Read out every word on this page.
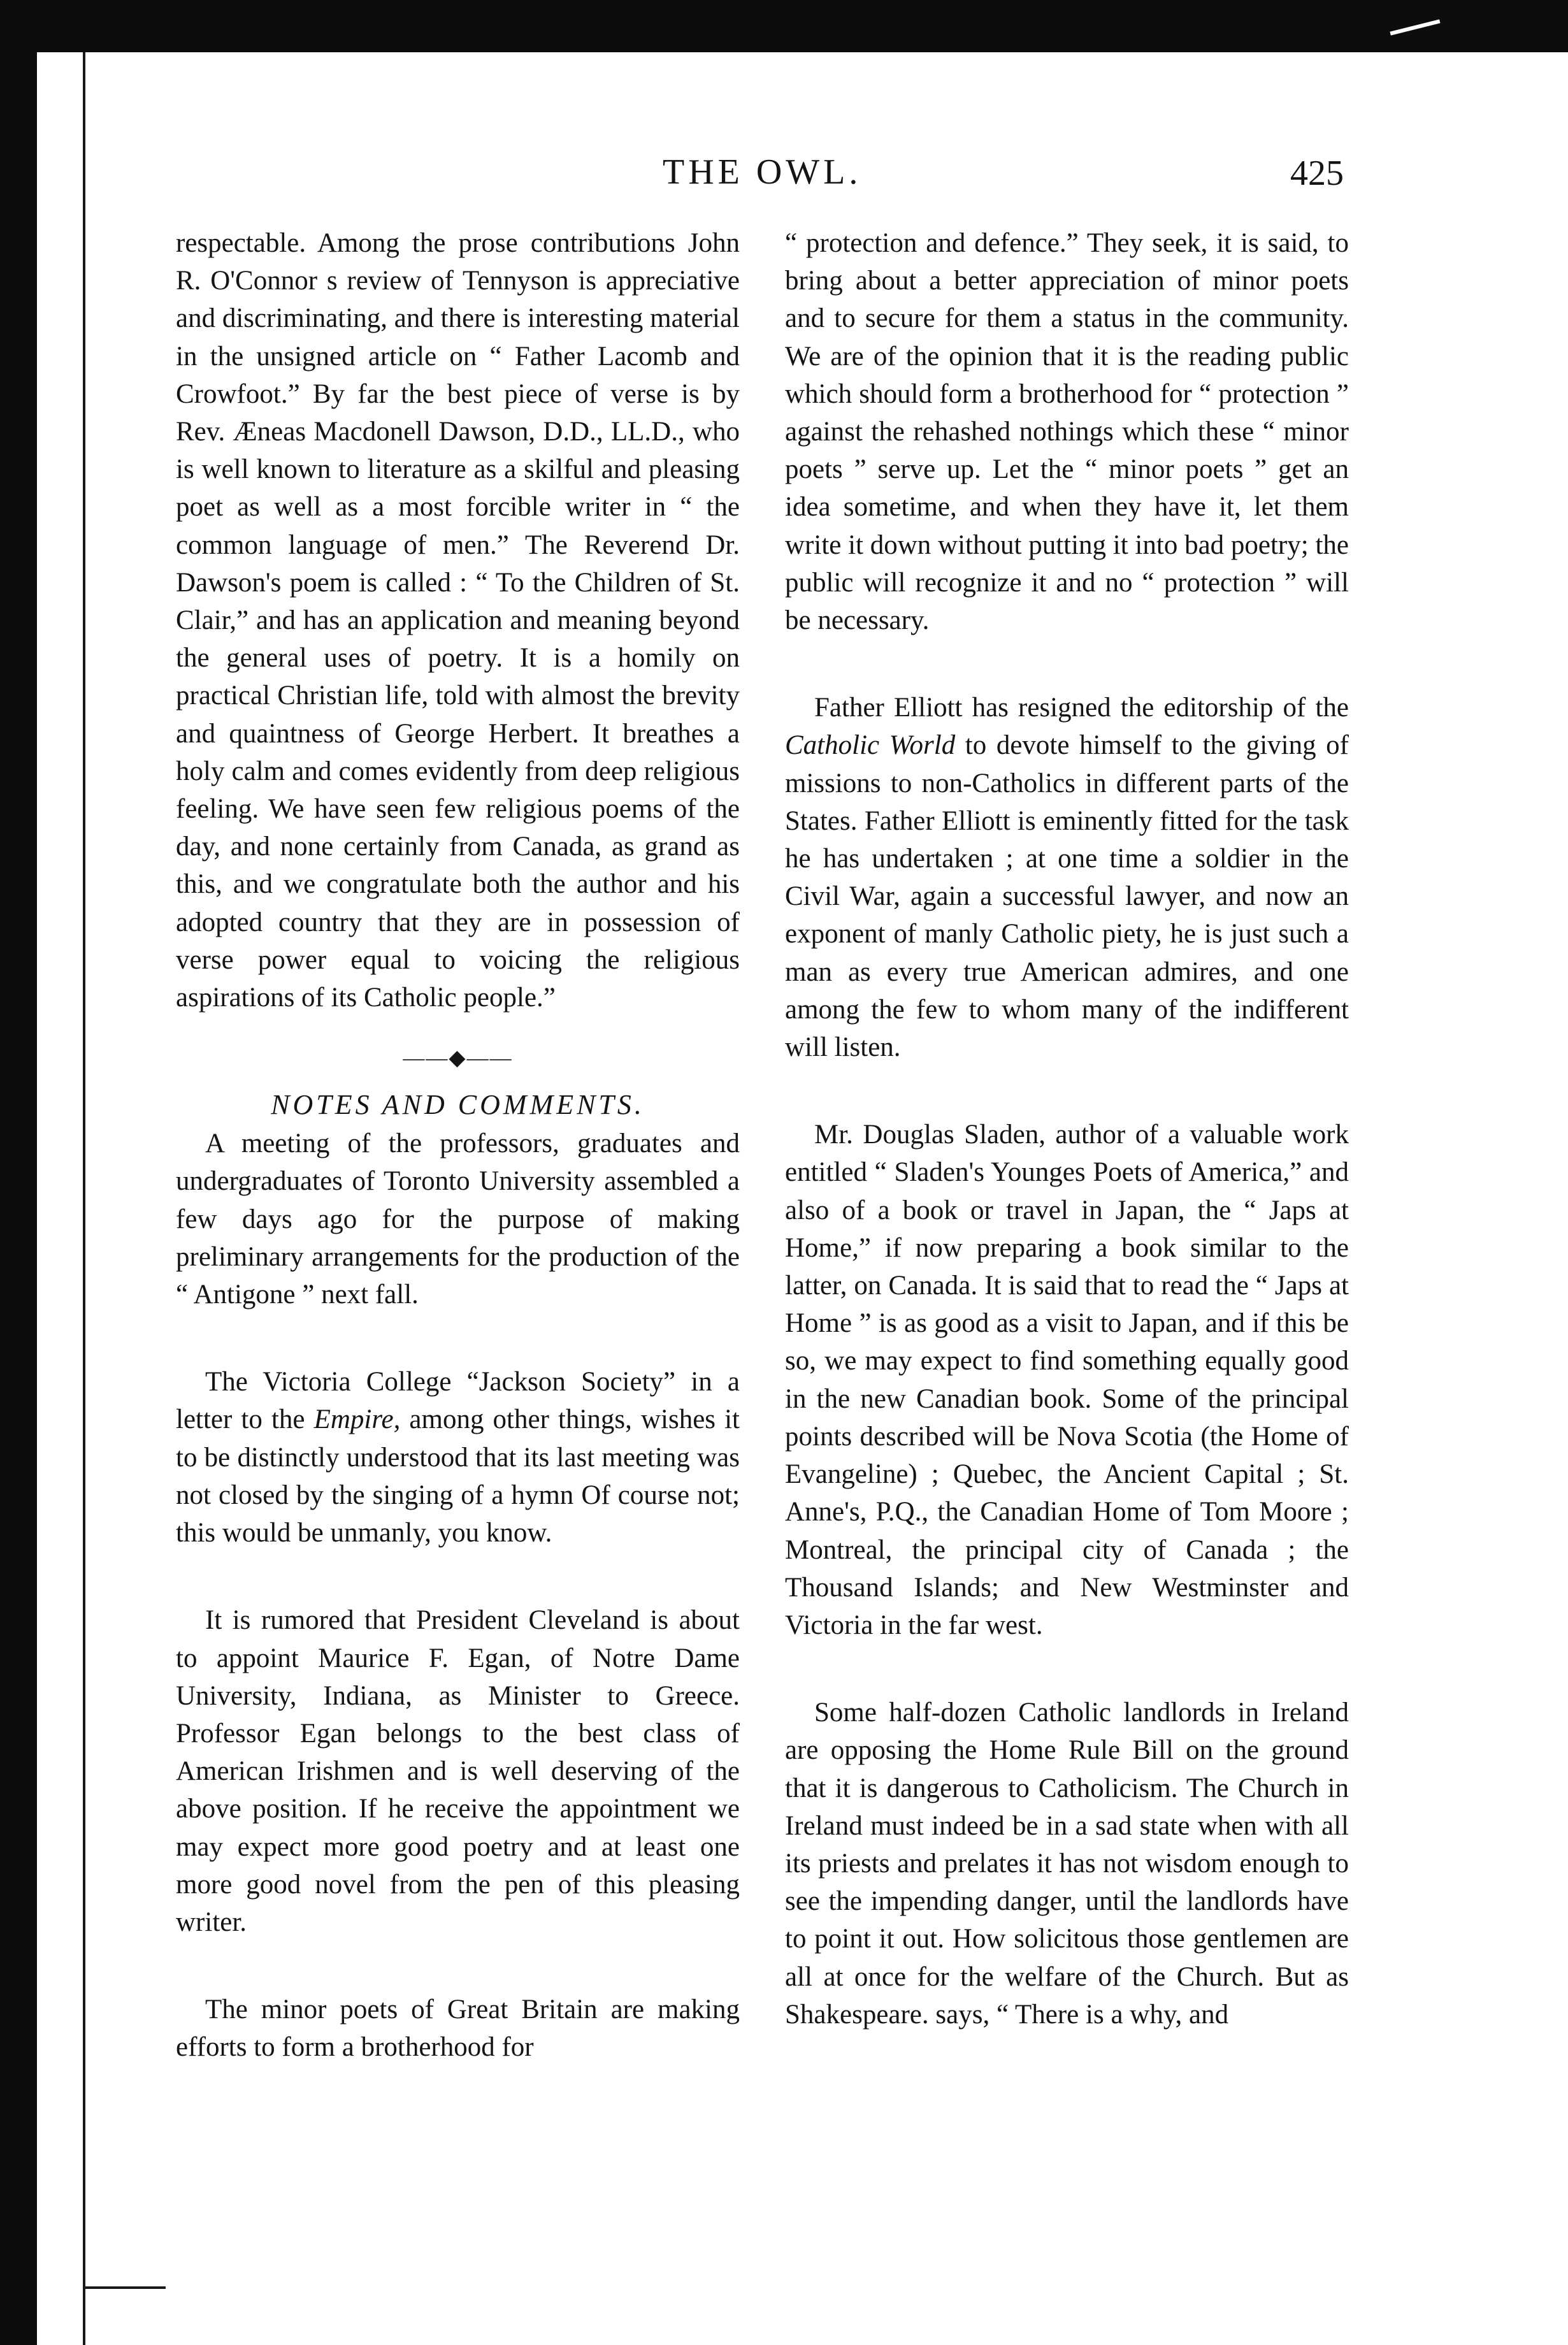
THE OWL.	425

respectable. Among the prose contributions John R. O'Connor s review of Tennyson is appreciative and discriminating, and there is interesting material in the unsigned article on “ Father Lacomb and Crowfoot.” By far the best piece of verse is by Rev. Æneas Macdonell Dawson, D.D., LL.D., who is well known to literature as a skilful and pleasing poet as well as a most forcible writer in “ the common language of men.” The Reverend Dr. Dawson's poem is called : “ To the Children of St. Clair,” and has an application and meaning beyond the general uses of poetry. It is a homily on practical Christian life, told with almost the brevity and quaintness of George Herbert. It breathes a holy calm and comes evidently from deep religious feeling. We have seen few religious poems of the day, and none certainly from Canada, as grand as this, and we congratulate both the author and his adopted country that they are in possession of verse power equal to voicing the religious aspirations of its Catholic people.”

——◆——

NOTES AND COMMENTS.

A meeting of the professors, graduates and undergraduates of Toronto University assembled a few days ago for the purpose of making preliminary arrangements for the production of the “ Antigone ” next fall.

The Victoria College “Jackson Society” in a letter to the Empire, among other things, wishes it to be distinctly understood that its last meeting was not closed by the singing of a hymn Of course not; this would be unmanly, you know.

It is rumored that President Cleveland is about to appoint Maurice F. Egan, of Notre Dame University, Indiana, as Minister to Greece. Professor Egan belongs to the best class of American Irishmen and is well deserving of the above position. If he receive the appointment we may expect more good poetry and at least one more good novel from the pen of this pleasing writer.

The minor poets of Great Britain are making efforts to form a brotherhood for

“ protection and defence.” They seek, it is said, to bring about a better appreciation of minor poets and to secure for them a status in the community. We are of the opinion that it is the reading public which should form a brotherhood for “ protection ” against the rehashed nothings which these “ minor poets ” serve up. Let the “ minor poets ” get an idea sometime, and when they have it, let them write it down without putting it into bad poetry; the public will recognize it and no “ protection ” will be necessary.

Father Elliott has resigned the editorship of the Catholic World to devote himself to the giving of missions to non-Catholics in different parts of the States. Father Elliott is eminently fitted for the task he has undertaken ; at one time a soldier in the Civil War, again a successful lawyer, and now an exponent of manly Catholic piety, he is just such a man as every true American admires, and one among the few to whom many of the indifferent will listen.

Mr. Douglas Sladen, author of a valuable work entitled “ Sladen's Younges Poets of America,” and also of a book or travel in Japan, the “ Japs at Home,” if now preparing a book similar to the latter, on Canada. It is said that to read the “ Japs at Home ” is as good as a visit to Japan, and if this be so, we may expect to find something equally good in the new Canadian book. Some of the principal points described will be Nova Scotia (the Home of Evangeline) ; Quebec, the Ancient Capital ; St. Anne's, P.Q., the Canadian Home of Tom Moore ; Montreal, the principal city of Canada ; the Thousand Islands; and New Westminster and Victoria in the far west.

Some half-dozen Catholic landlords in Ireland are opposing the Home Rule Bill on the ground that it is dangerous to Catholicism. The Church in Ireland must indeed be in a sad state when with all its priests and prelates it has not wisdom enough to see the impending danger, until the landlords have to point it out. How solicitous those gentlemen are all at once for the welfare of the Church. But as Shakespeare. says, “ There is a why, and
